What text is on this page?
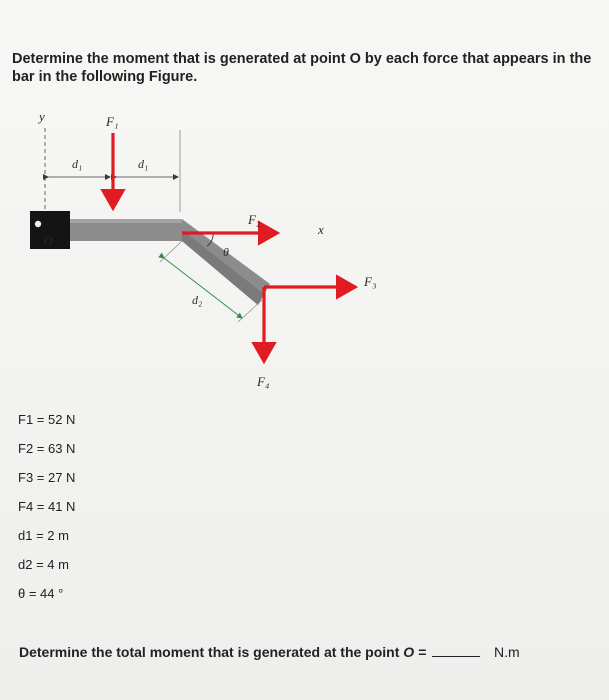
Determine the moment that is generated at point O by each force that appears in the bar in the following Figure.
O
θ
d₂
F₁
F₂
F₃
F₄
y
x
d₁	d₁
F1 = 52 N
F2 = 63 N
F3 = 27 N
F4 = 41 N
d1 = 2 m
d2 = 4 m
θ = 44 °
Determine the total moment that is generated at the point O =	N.m
